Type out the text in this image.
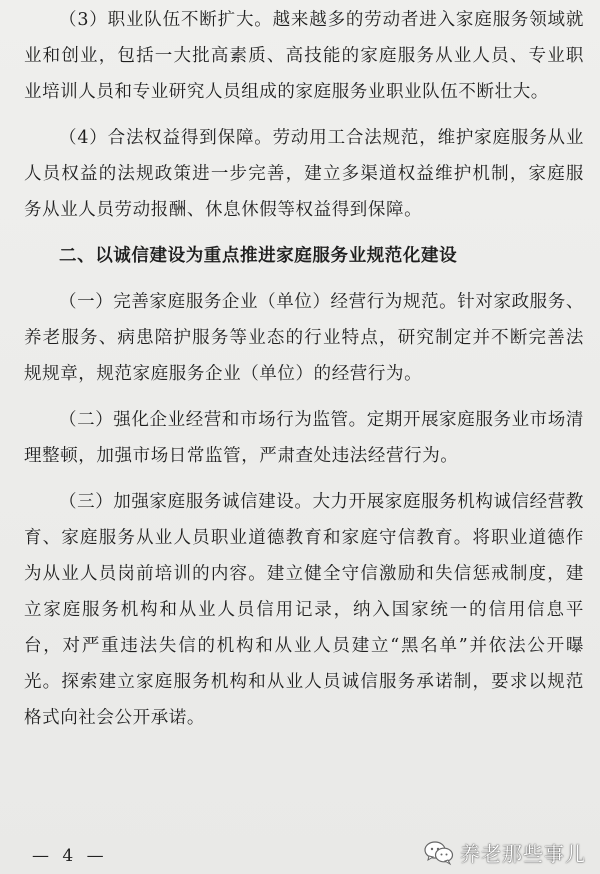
（3）职业队伍不断扩大。越来越多的劳动者进入家庭服务领域就业和创业，包括一大批高素质、高技能的家庭服务从业人员、专业职业培训人员和专业研究人员组成的家庭服务业职业队伍不断壮大。

（4）合法权益得到保障。劳动用工合法规范，维护家庭服务从业人员权益的法规政策进一步完善，建立多渠道权益维护机制，家庭服务从业人员劳动报酬、休息休假等权益得到保障。

二、以诚信建设为重点推进家庭服务业规范化建设

（一）完善家庭服务企业（单位）经营行为规范。针对家政服务、养老服务、病患陪护服务等业态的行业特点，研究制定并不断完善法规规章，规范家庭服务企业（单位）的经营行为。

（二）强化企业经营和市场行为监管。定期开展家庭服务业市场清理整顿，加强市场日常监管，严肃查处违法经营行为。

（三）加强家庭服务诚信建设。大力开展家庭服务机构诚信经营教育、家庭服务从业人员职业道德教育和家庭守信教育。将职业道德作为从业人员岗前培训的内容。建立健全守信激励和失信惩戒制度，建立家庭服务机构和从业人员信用记录，纳入国家统一的信用信息平台，对严重违法失信的机构和从业人员建立“黑名单”并依法公开曝光。探索建立家庭服务机构和从业人员诚信服务承诺制，要求以规范格式向社会公开承诺。

— 4 —	养老那些事儿
